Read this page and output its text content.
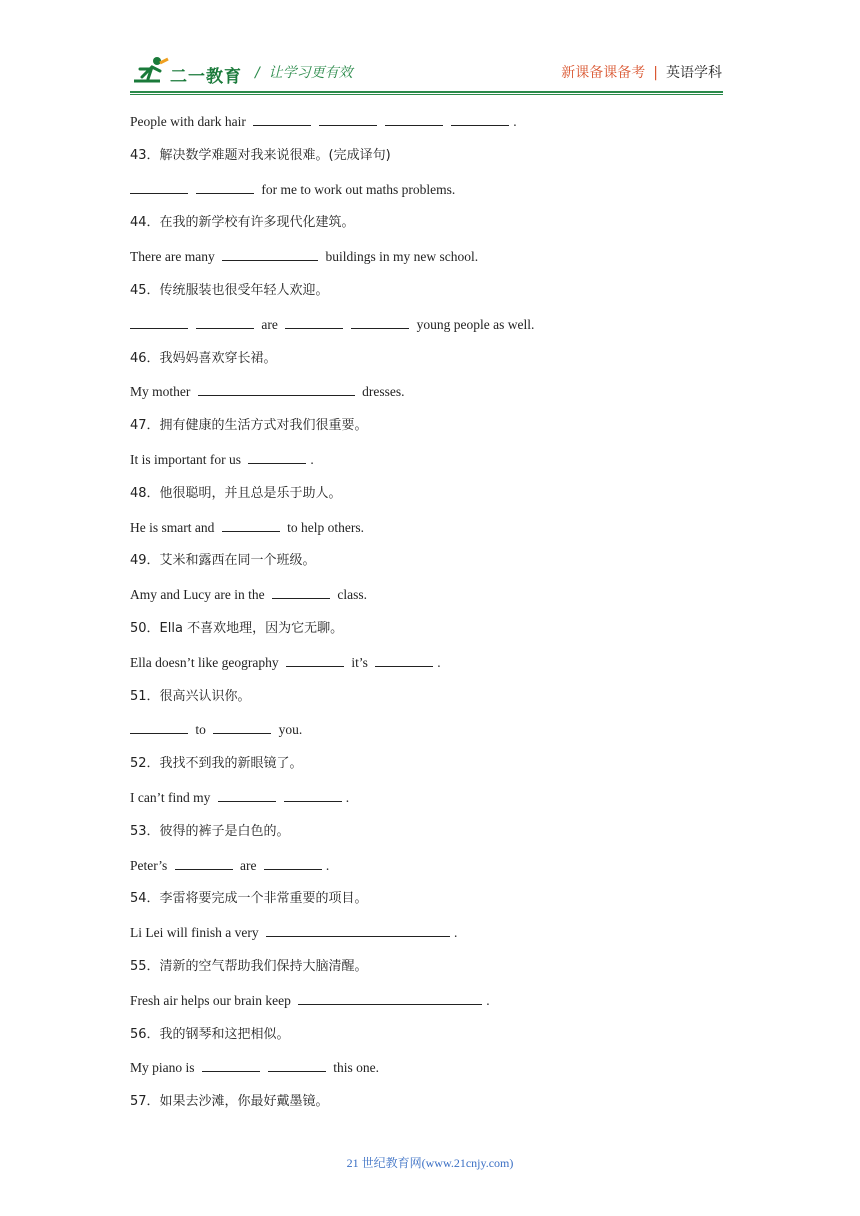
二一教育 / 让学习更有效	新课备课备考 | 英语学科
People with dark hair	.
43．解决数学难题对我来说很难。(完成译句)
for me to work out maths problems.
44．在我的新学校有许多现代化建筑。
There are many	buildings in my new school.
45．传统服装也很受年轻人欢迎。
are	young people as well.
46．我妈妈喜欢穿长裙。
My mother	dresses.
47．拥有健康的生活方式对我们很重要。
It is important for us	.
48．他很聪明，并且总是乐于助人。
He is smart and	to help others.
49．艾米和露西在同一个班级。
Amy and Lucy are in the	class.
50．Ella 不喜欢地理，因为它无聊。
Ella doesn’t like geography	it’s	.
51．很高兴认识你。
to	you.
52．我找不到我的新眼镜了。
I can’t find my	.
53．彼得的裤子是白色的。
Peter’s	are	.
54．李雷将要完成一个非常重要的项目。
Li Lei will finish a very	.
55．清新的空气帮助我们保持大脑清醒。
Fresh air helps our brain keep	.
56．我的钢琴和这把相似。
My piano is	this one.
57．如果去沙滩，你最好戴墨镜。
21 世纪教育网(www.21cnjy.com)
